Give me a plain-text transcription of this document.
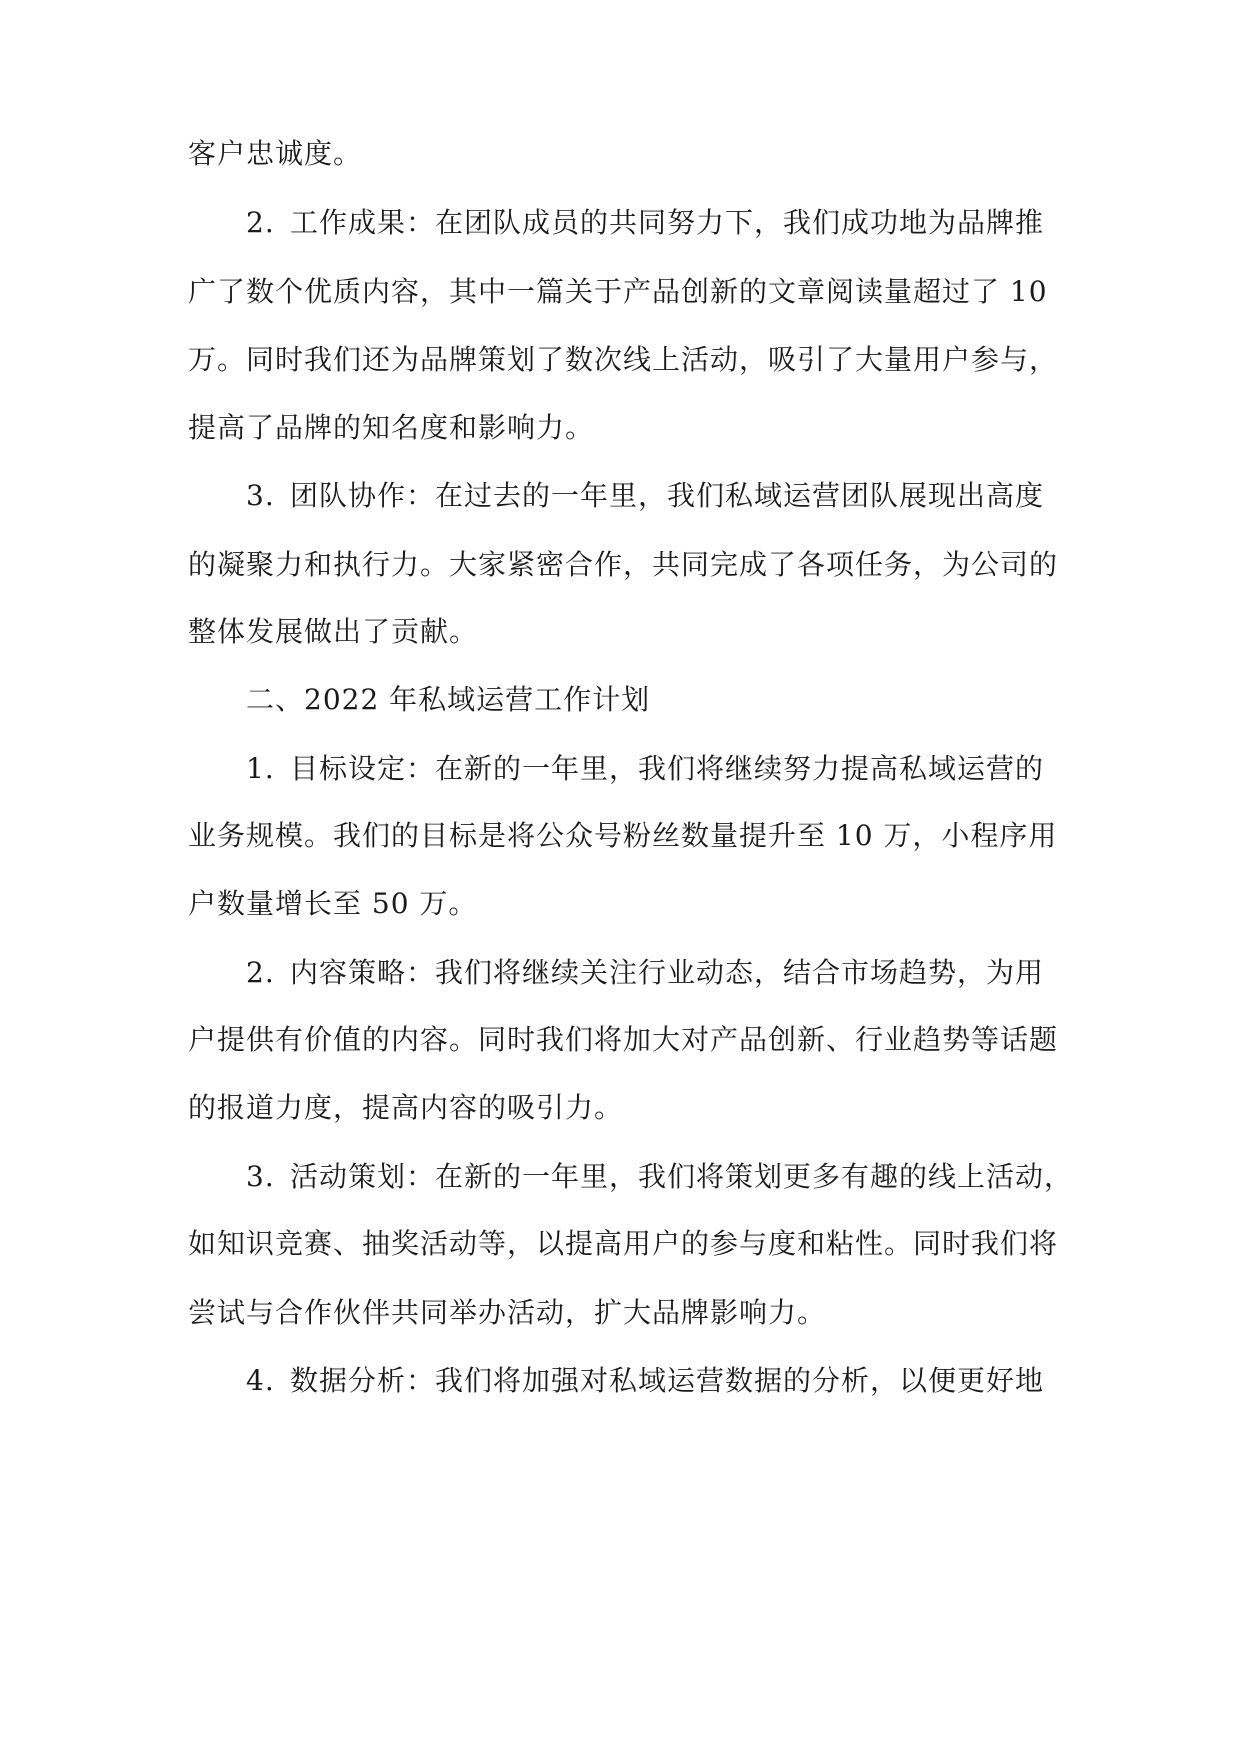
客户忠诚度。
2. 工作成果：在团队成员的共同努力下，我们成功地为品牌推
广了数个优质内容，其中一篇关于产品创新的文章阅读量超过了 10
万。同时我们还为品牌策划了数次线上活动，吸引了大量用户参与，
提高了品牌的知名度和影响力。
3. 团队协作：在过去的一年里，我们私域运营团队展现出高度
的凝聚力和执行力。大家紧密合作，共同完成了各项任务，为公司的
整体发展做出了贡献。
二、2022 年私域运营工作计划
1. 目标设定：在新的一年里，我们将继续努力提高私域运营的
业务规模。我们的目标是将公众号粉丝数量提升至 10 万，小程序用
户数量增长至 50 万。
2. 内容策略：我们将继续关注行业动态，结合市场趋势，为用
户提供有价值的内容。同时我们将加大对产品创新、行业趋势等话题
的报道力度，提高内容的吸引力。
3. 活动策划：在新的一年里，我们将策划更多有趣的线上活动，
如知识竞赛、抽奖活动等，以提高用户的参与度和粘性。同时我们将
尝试与合作伙伴共同举办活动，扩大品牌影响力。
4. 数据分析：我们将加强对私域运营数据的分析，以便更好地
